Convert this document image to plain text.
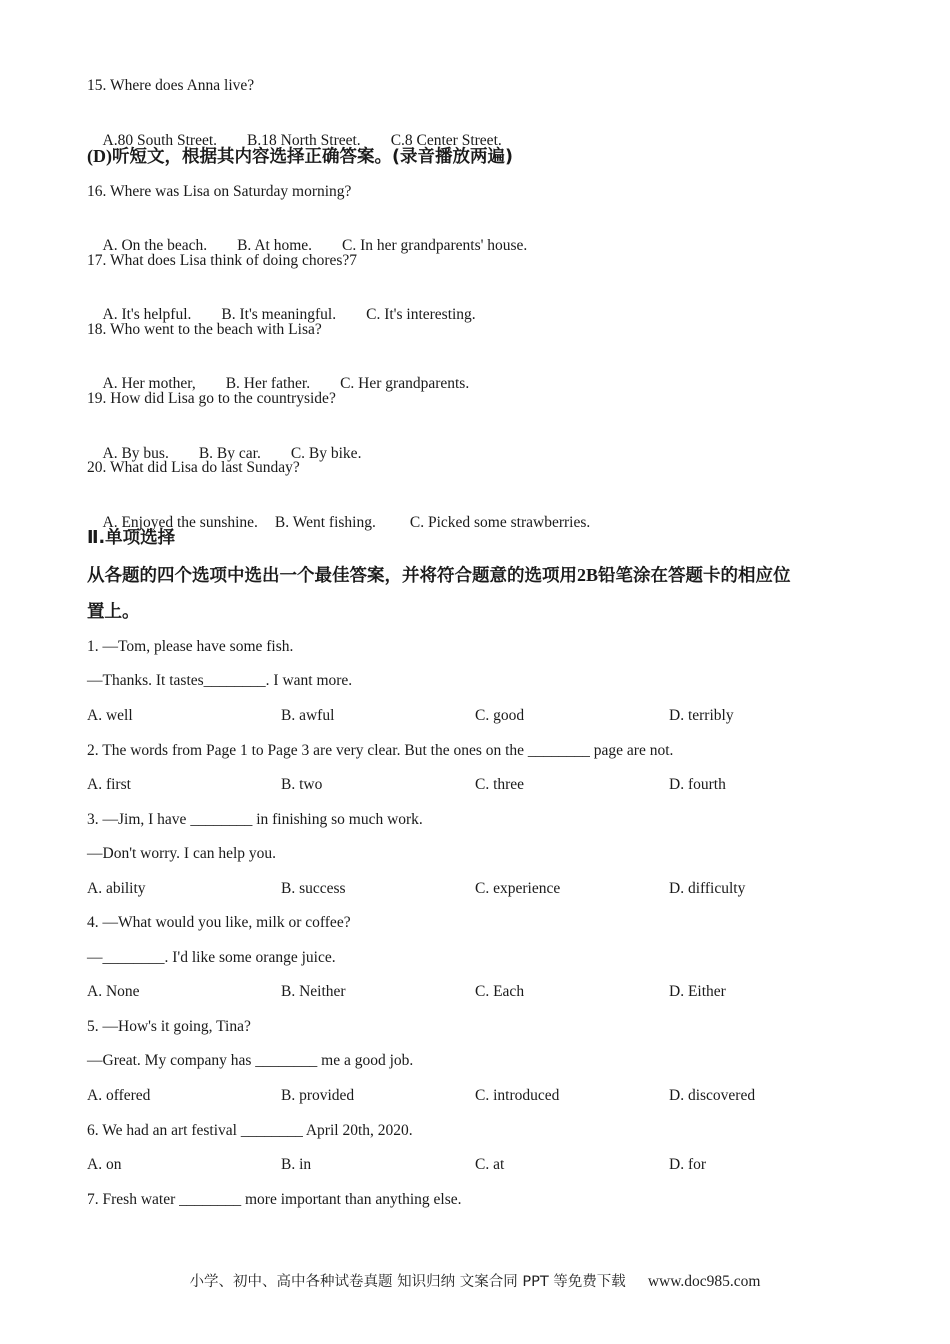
15. Where does Anna live?

A.80 South Street. B.18 North Street. C.8 Center Street.

(D)听短文，根据其内容选择正确答案。(录音播放两遍)
16. Where was Lisa on Saturday morning?

A. On the beach. B. At home. C. In her grandparents' house.

17. What does Lisa think of doing chores?7

A. It's helpful. B. It's meaningful. C. It's interesting.

18. Who went to the beach with Lisa?

A. Her mother, B. Her father. C. Her grandparents.

19. How did Lisa go to the countryside?

A. By bus. B. By car. C. By bike.

20. What did Lisa do last Sunday?

A. Enjoyed the sunshine. B. Went fishing. C. Picked some strawberries.

Ⅱ.单项选择
从各题的四个选项中选出一个最佳答案，并将符合题意的选项用2B铅笔涂在答题卡的相应位
置上。
1. —Tom, please have some fish.
—Thanks. It tastes________. I want more.

A. well

	B. awful

	C. good

	D. terribly

2. The words from Page 1 to Page 3 are very clear. But the ones on the ________ page are not.

A. first

	B. two

	C. three

	D. fourth

3. —Jim, I have ________ in finishing so much work.
—Don't worry. I can help you.

A. ability

	B. success

	C. experience

	D. difficulty

4. —What would you like, milk or coffee?
—________. I'd like some orange juice.

A. None

	B. Neither

	C. Each

	D. Either

5. —How's it going, Tina?
—Great. My company has ________ me a good job.

A. offered

	B. provided

	C. introduced

	D. discovered

6. We had an art festival ________ April 20th, 2020.

A. on

	B. in

	C. at

	D. for

7. Fresh water ________ more important than anything else.
小学、初中、高中各种试卷真题 知识归纳 文案合同 PPT 等免费下载 www.doc985.com
